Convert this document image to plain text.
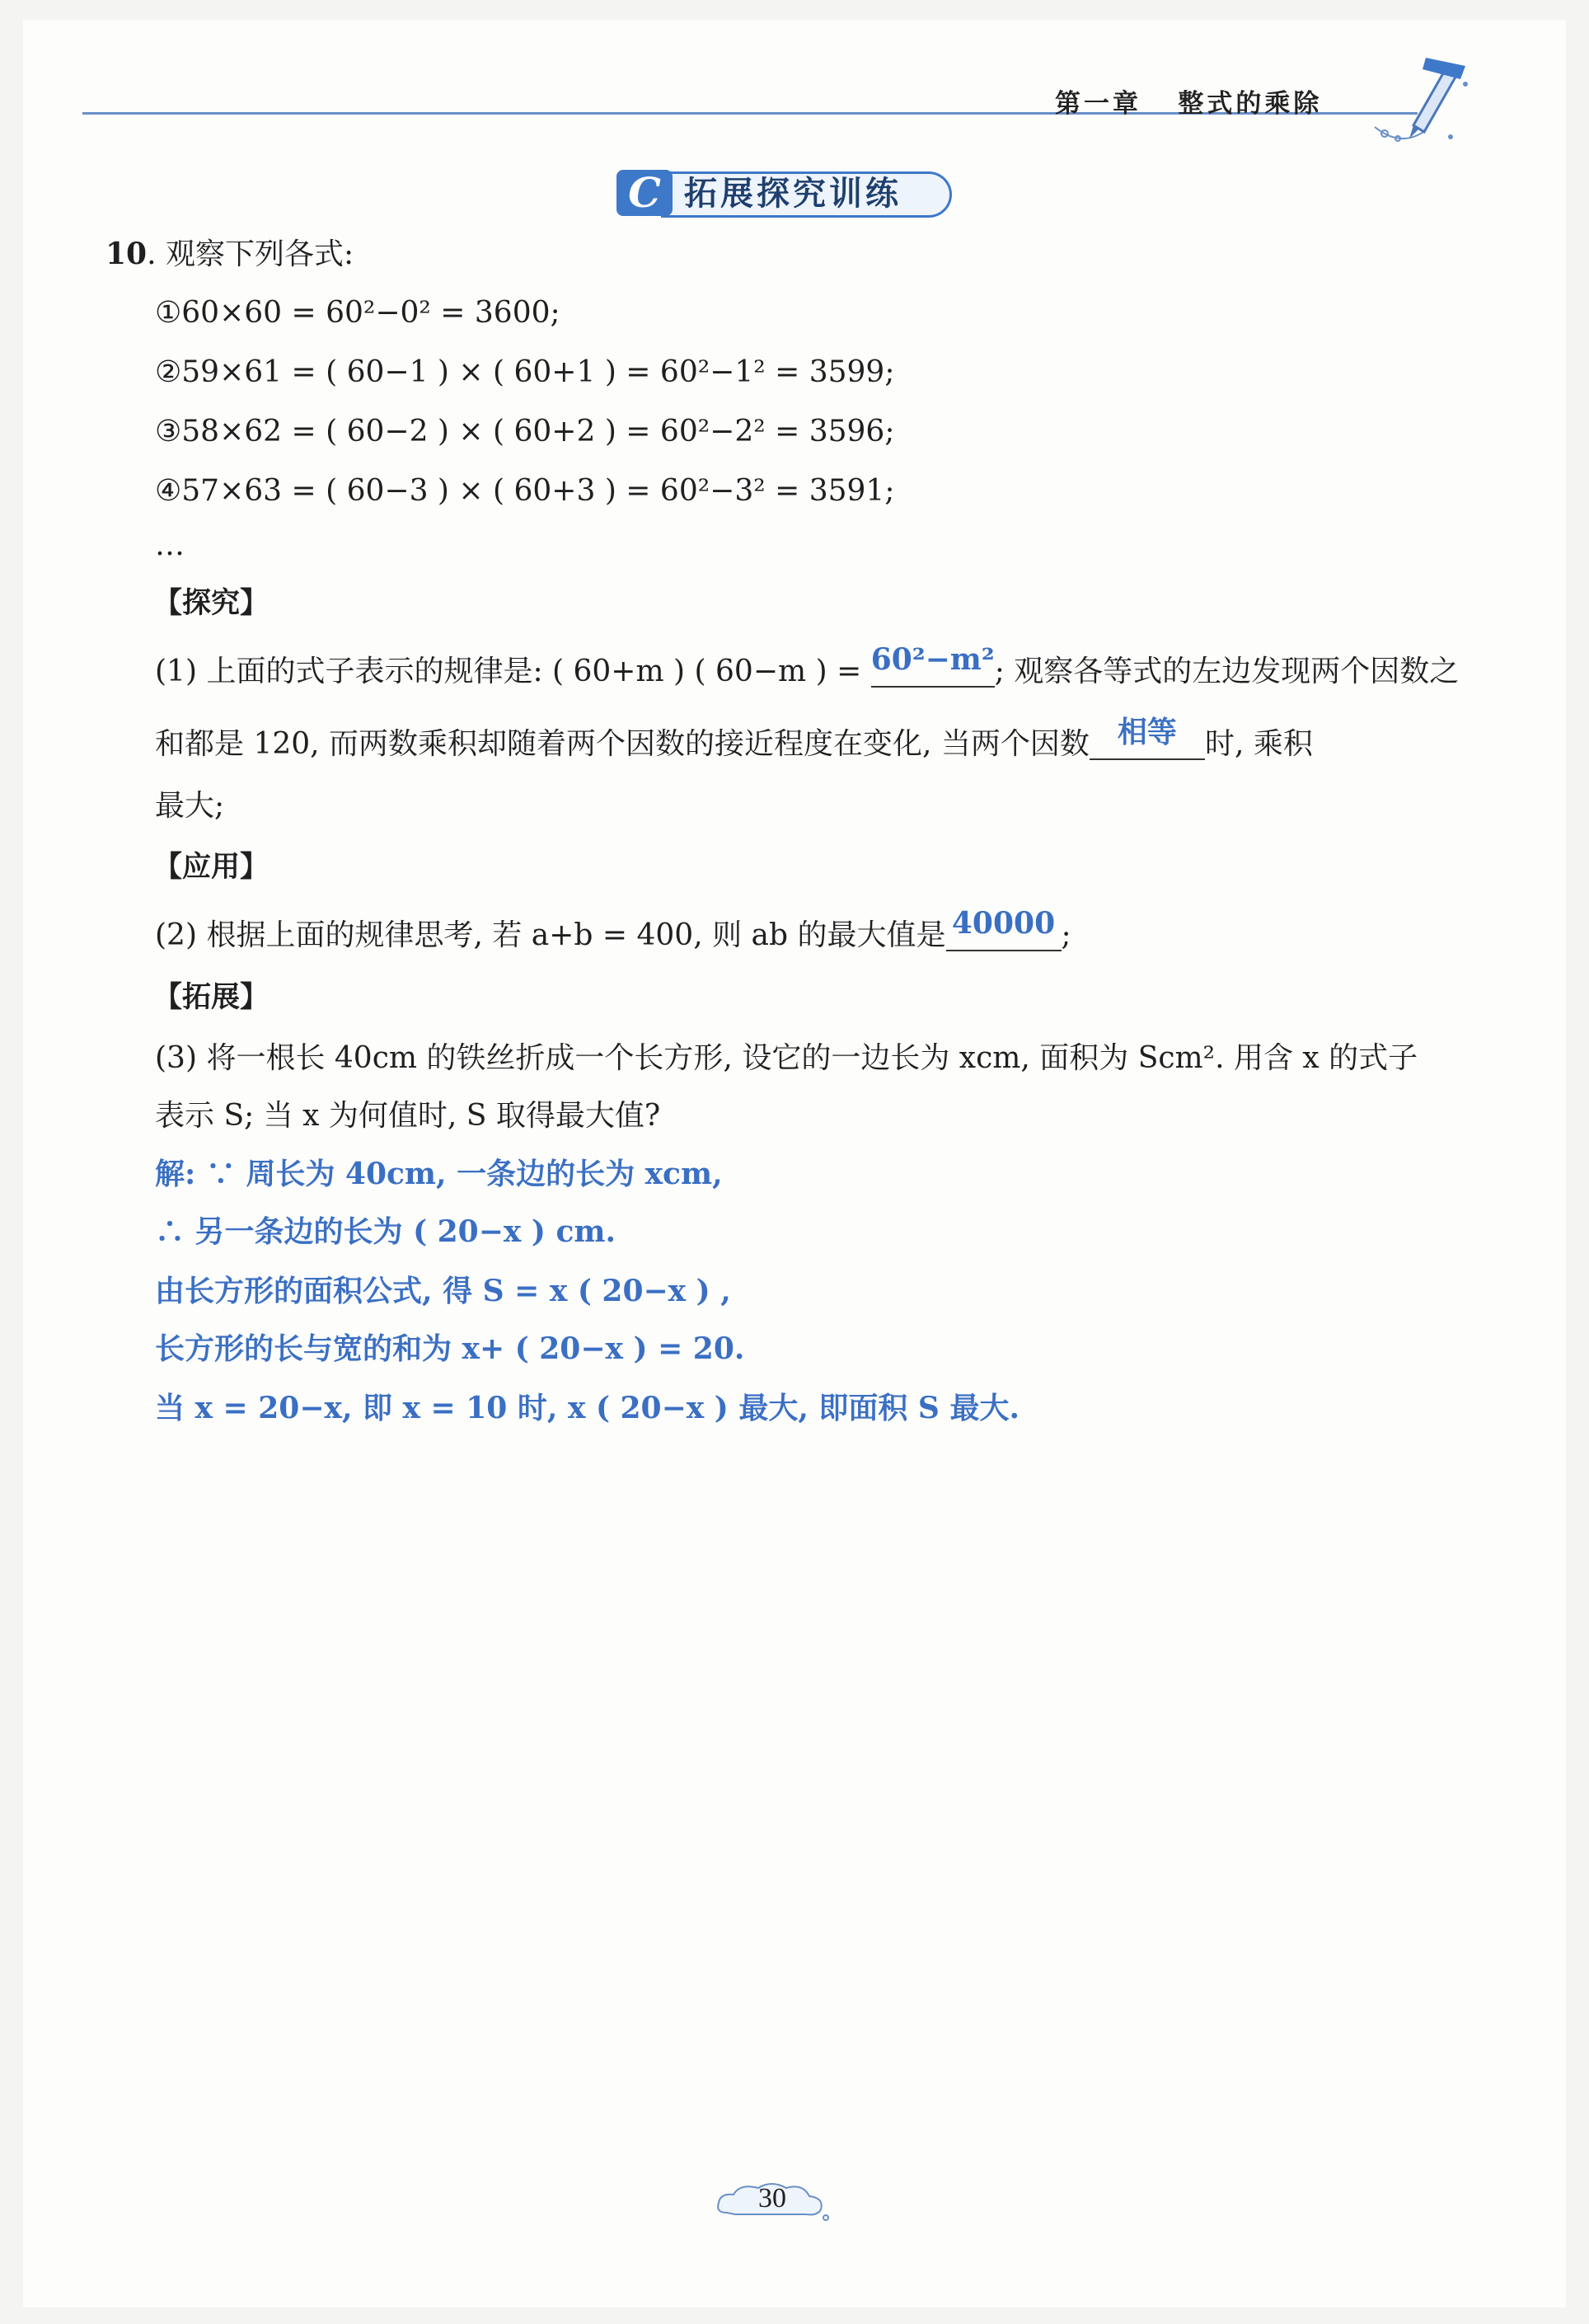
第一章 整式的乘除
C 拓展探究训练
10. 观察下列各式:
①60×60 = 60²−0² = 3600;
②59×61 = ( 60−1 ) × ( 60+1 ) = 60²−1² = 3599;
③58×62 = ( 60−2 ) × ( 60+2 ) = 60²−2² = 3596;
④57×63 = ( 60−3 ) × ( 60+3 ) = 60²−3² = 3591;
…
【探究】
(1) 上面的式子表示的规律是: ( 60+m ) ( 60−m ) = 60²−m²; 观察各等式的左边发现两个因数之
和都是 120, 而两数乘积却随着两个因数的接近程度在变化, 当两个因数 相等 时, 乘积
最大;
【应用】
(2) 根据上面的规律思考, 若 a+b = 400, 则 ab 的最大值是 40000 ;
【拓展】
(3) 将一根长 40cm 的铁丝折成一个长方形, 设它的一边长为 xcm, 面积为 Scm². 用含 x 的式子
表示 S; 当 x 为何值时, S 取得最大值?
解: ∵ 周长为 40cm, 一条边的长为 xcm,
∴ 另一条边的长为 ( 20−x ) cm.
由长方形的面积公式, 得 S = x ( 20−x ) ,
长方形的长与宽的和为 x+ ( 20−x ) = 20.
当 x = 20−x, 即 x = 10 时, x ( 20−x ) 最大, 即面积 S 最大.
30
